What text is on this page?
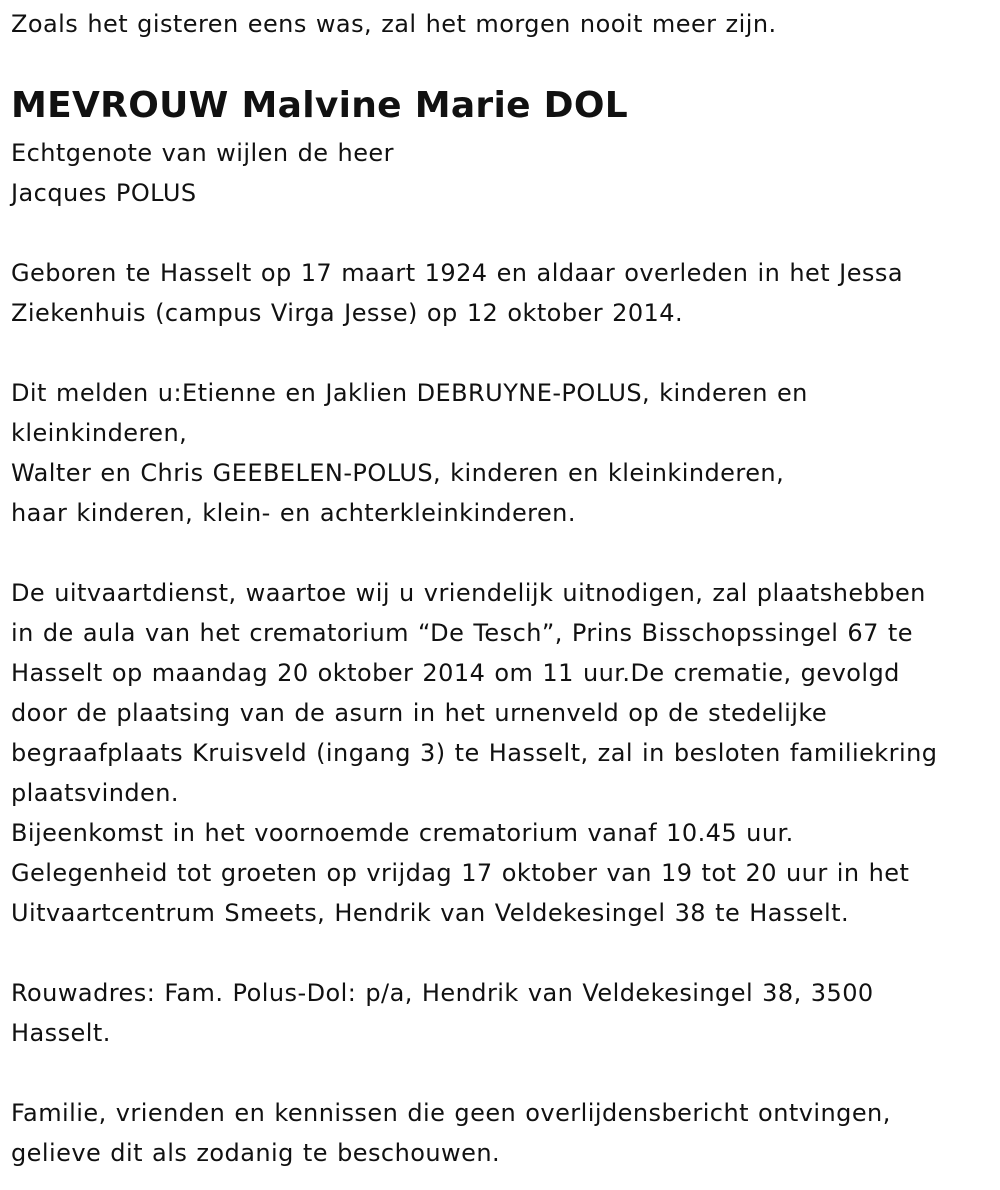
Zoals het gisteren eens was, zal het morgen nooit meer zijn.
MEVROUW Malvine Marie DOL
Echtgenote van wijlen de heer
Jacques POLUS
Geboren te Hasselt op 17 maart 1924 en aldaar overleden in het Jessa
Ziekenhuis (campus Virga Jesse) op 12 oktober 2014.
Dit melden u:Etienne en Jaklien DEBRUYNE-POLUS, kinderen en
kleinkinderen,
Walter en Chris GEEBELEN-POLUS, kinderen en kleinkinderen,
haar kinderen, klein- en achterkleinkinderen.
De uitvaartdienst, waartoe wij u vriendelijk uitnodigen, zal plaatshebben
in de aula van het crematorium “De Tesch”, Prins Bisschopssingel 67 te
Hasselt op maandag 20 oktober 2014 om 11 uur.De crematie, gevolgd
door de plaatsing van de asurn in het urnenveld op de stedelijke
begraafplaats Kruisveld (ingang 3) te Hasselt, zal in besloten familiekring
plaatsvinden.
Bijeenkomst in het voornoemde crematorium vanaf 10.45 uur.
Gelegenheid tot groeten op vrijdag 17 oktober van 19 tot 20 uur in het
Uitvaartcentrum Smeets, Hendrik van Veldekesingel 38 te Hasselt.
Rouwadres: Fam. Polus-Dol: p/a, Hendrik van Veldekesingel 38, 3500
Hasselt.
Familie, vrienden en kennissen die geen overlijdensbericht ontvingen,
gelieve dit als zodanig te beschouwen.
